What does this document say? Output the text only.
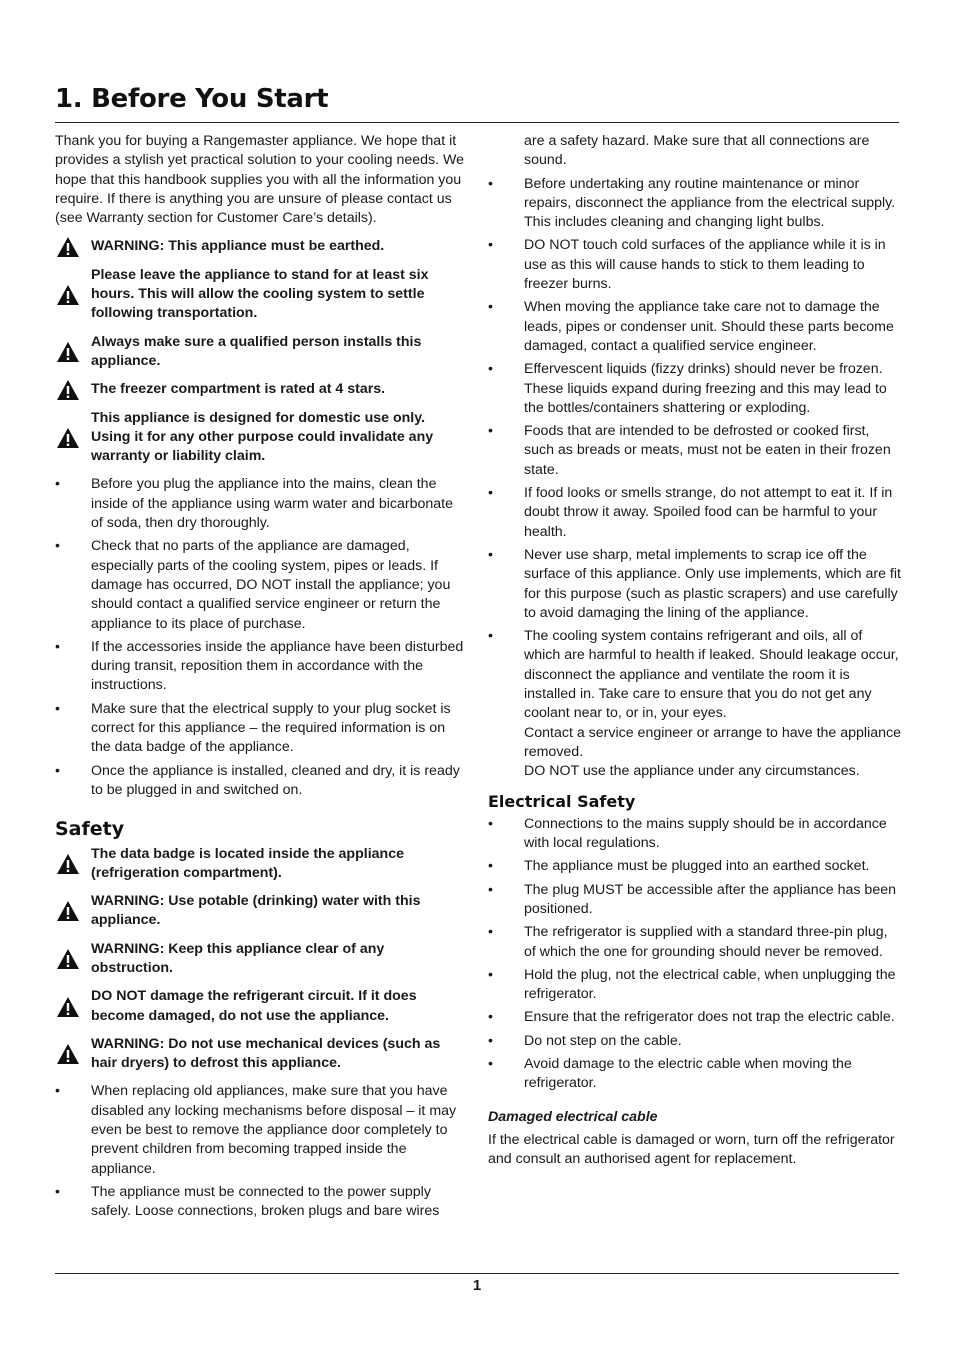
1. Before You Start

Thank you for buying a Rangemaster appliance. We hope that it provides a stylish yet practical solution to your cooling needs. We hope that this handbook supplies you with all the information you require. If there is anything you are unsure of please contact us (see Warranty section for Customer Care’s details).

WARNING: This appliance must be earthed.
Please leave the appliance to stand for at least six hours. This will allow the cooling system to settle following transportation.
Always make sure a qualified person installs this appliance.
The freezer compartment is rated at 4 stars.
This appliance is designed for domestic use only. Using it for any other purpose could invalidate any warranty or liability claim.
• Before you plug the appliance into the mains, clean the inside of the appliance using warm water and bicarbonate of soda, then dry thoroughly.
• Check that no parts of the appliance are damaged, especially parts of the cooling system, pipes or leads. If damage has occurred, DO NOT install the appliance; you should contact a qualified service engineer or return the appliance to its place of purchase.
• If the accessories inside the appliance have been disturbed during transit, reposition them in accordance with the instructions.
• Make sure that the electrical supply to your plug socket is correct for this appliance – the required information is on the data badge of the appliance.
• Once the appliance is installed, cleaned and dry, it is ready to be plugged in and switched on.
Safety
The data badge is located inside the appliance (refrigeration compartment).
WARNING: Use potable (drinking) water with this appliance.
WARNING: Keep this appliance clear of any obstruction.
DO NOT damage the refrigerant circuit. If it does become damaged, do not use the appliance.
WARNING: Do not use mechanical devices (such as hair dryers) to defrost this appliance.
• When replacing old appliances, make sure that you have disabled any locking mechanisms before disposal – it may even be best to remove the appliance door completely to prevent children from becoming trapped inside the appliance.
• The appliance must be connected to the power supply safely. Loose connections, broken plugs and bare wires

are a safety hazard. Make sure that all connections are sound.

• Before undertaking any routine maintenance or minor repairs, disconnect the appliance from the electrical supply. This includes cleaning and changing light bulbs.
• DO NOT touch cold surfaces of the appliance while it is in use as this will cause hands to stick to them leading to freezer burns.
• When moving the appliance take care not to damage the leads, pipes or condenser unit. Should these parts become damaged, contact a qualified service engineer.
• Effervescent liquids (fizzy drinks) should never be frozen. These liquids expand during freezing and this may lead to the bottles/containers shattering or exploding.
• Foods that are intended to be defrosted or cooked first, such as breads or meats, must not be eaten in their frozen state.
• If food looks or smells strange, do not attempt to eat it. If in doubt throw it away. Spoiled food can be harmful to your health.
• Never use sharp, metal implements to scrap ice off the surface of this appliance. Only use implements, which are fit for this purpose (such as plastic scrapers) and use carefully to avoid damaging the lining of the appliance.
• The cooling system contains refrigerant and oils, all of which are harmful to health if leaked. Should leakage occur, disconnect the appliance and ventilate the room it is installed in. Take care to ensure that you do not get any coolant near to, or in, your eyes.
Contact a service engineer or arrange to have the appliance removed.
DO NOT use the appliance under any circumstances.
Electrical Safety
• Connections to the mains supply should be in accordance with local regulations.
• The appliance must be plugged into an earthed socket.
• The plug MUST be accessible after the appliance has been positioned.
• The refrigerator is supplied with a standard three-pin plug, of which the one for grounding should never be removed.
• Hold the plug, not the electrical cable, when unplugging the refrigerator.
• Ensure that the refrigerator does not trap the electric cable.
• Do not step on the cable.
• Avoid damage to the electric cable when moving the refrigerator.

Damaged electrical cable

If the electrical cable is damaged or worn, turn off the refrigerator and consult an authorised agent for replacement.

1
